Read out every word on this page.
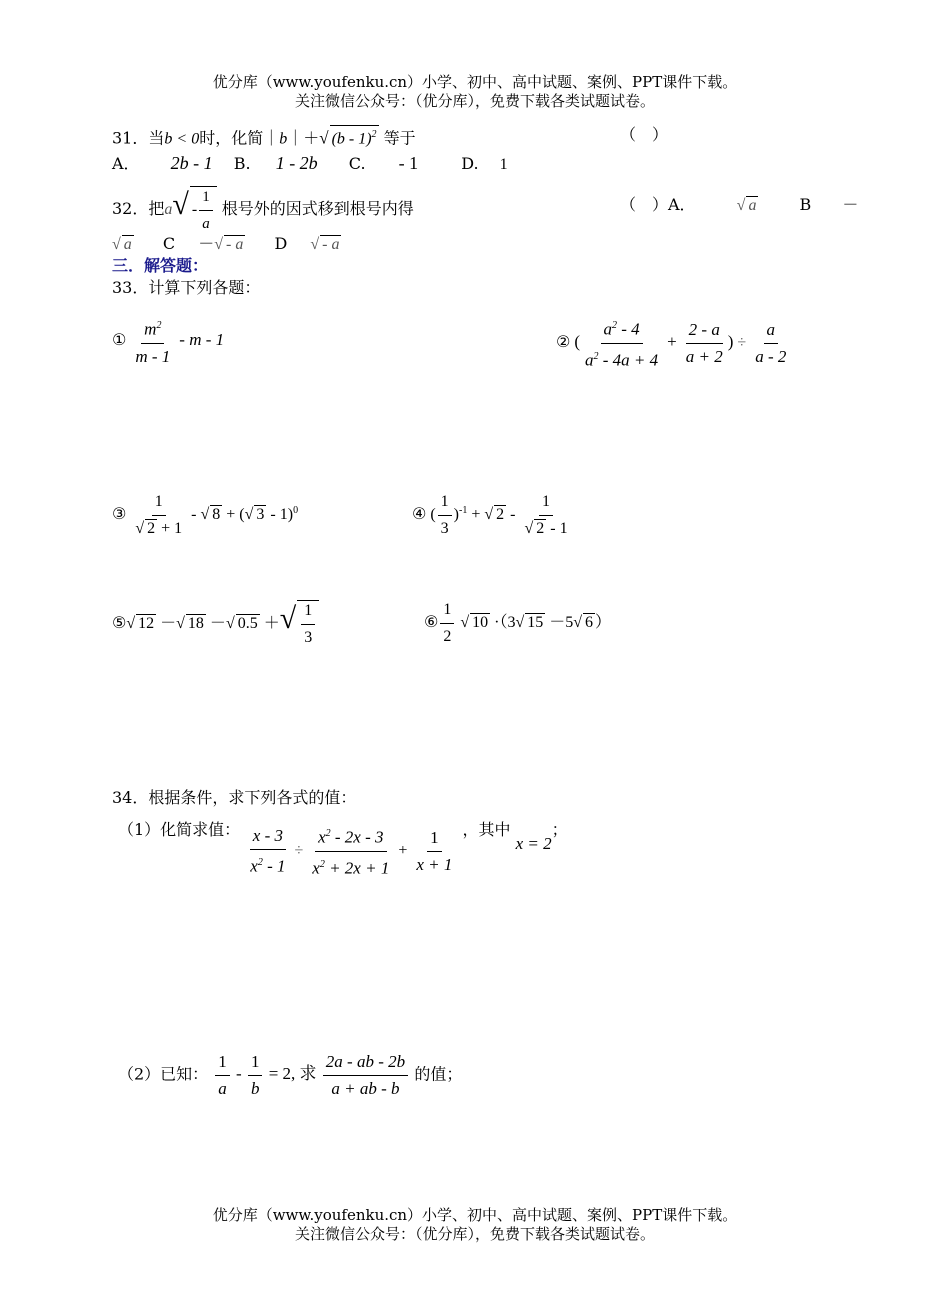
优分库（www.youfenku.cn）小学、初中、高中试题、案例、PPT课件下载。
关注微信公众号：（优分库），免费下载各类试题试卷。
31．当b < 0时，化简｜b｜＋√ (b - 1)$^2$ 等于	（　）
A． 2b - 1 B. 1 - 2b C. - 1	D. 1
32．把$a√ - \frac{1}{a}$ 根号外的因式移到根号内得	（　）A．	√ a	B －
√ a C －√ - a D √ - a
三．解答题：
33．计算下列各题：
① $\frac{m^2}{m - 1}$ - m - 1	② ( $\frac{a^2 - 4}{a^2 - 4a + 4} + \frac{2 - a}{a + 2}$ ) ÷ $\frac{a}{a - 2}$
③ $\frac{1}{√ 2 + 1}$ - √ 8 + (√ 3 - 1)$^0$	④ ( $\frac{1}{3} )^{-1}$ + √ $2 - \frac{1}{√ 2 - 1}$
⑤√ 12 －√ 18 －√ 0.5 ＋√ $\frac{1}{3}$	⑥ $\frac{1}{2}$ √ 10 ·（3√ 15 －5√ 6 ）
34．根据条件，求下列各式的值：
（1）化简求值： $\frac{x - 3}{x^2 - 1} \div \frac{x^2 - 2x - 3}{x^2 + 2x + 1} + \frac{1}{x + 1}$ ，其中 x = 2；
（2）已知： $\frac{1}{a} - \frac{1}{b} = 2$, 求 $\frac{2a - ab - 2b}{a + ab - b}$ 的值；
优分库（www.youfenku.cn）小学、初中、高中试题、案例、PPT课件下载。
关注微信公众号：（优分库），免费下载各类试题试卷。
